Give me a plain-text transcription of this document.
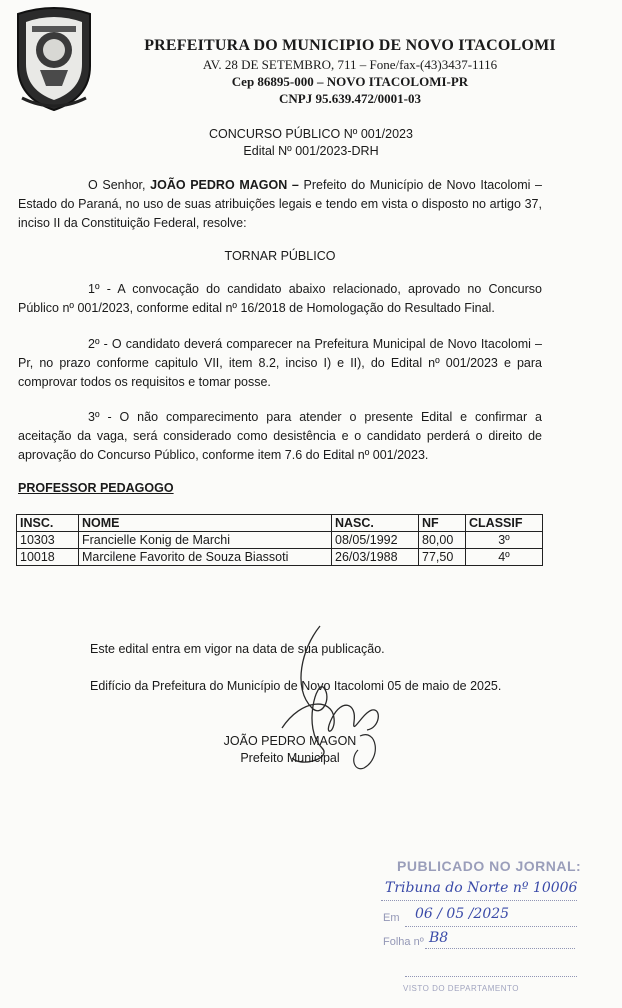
PREFEITURA DO MUNICIPIO DE NOVO ITACOLOMI
AV. 28 DE SETEMBRO, 711 – Fone/fax-(43)3437-1116
Cep 86895-000 – NOVO ITACOLOMI-PR
CNPJ 95.639.472/0001-03
CONCURSO PÚBLICO Nº 001/2023
Edital Nº 001/2023-DRH
O Senhor, JOÃO PEDRO MAGON – Prefeito do Município de Novo Itacolomi – Estado do Paraná, no uso de suas atribuições legais e tendo em vista o disposto no artigo 37, inciso II da Constituição Federal, resolve:
TORNAR PÚBLICO
1º - A convocação do candidato abaixo relacionado, aprovado no Concurso Público nº 001/2023, conforme edital nº 16/2018 de Homologação do Resultado Final.
2º - O candidato deverá comparecer na Prefeitura Municipal de Novo Itacolomi – Pr, no prazo conforme capitulo VII, item 8.2, inciso I) e II), do Edital nº 001/2023 e para comprovar todos os requisitos e tomar posse.
3º - O não comparecimento para atender o presente Edital e confirmar a aceitação da vaga, será considerado como desistência e o candidato perderá o direito de aprovação do Concurso Público, conforme item 7.6 do Edital nº 001/2023.
PROFESSOR PEDAGOGO
INSC.	NOME	NASC.	NF	CLASSIF
10303	Francielle Konig de Marchi	08/05/1992	80,00	3º
10018	Marcilene Favorito de Souza Biassoti	26/03/1988	77,50	4º
Este edital entra em vigor na data de sua publicação.
Edifício da Prefeitura do Município de Novo Itacolomi 05 de maio de 2025.
JOÃO PEDRO MAGON
Prefeito Municipal
PUBLICADO NO JORNAL:
Tribuna do Norte nº 10006
Em 06 / 05 /2025
Folha nº B8
VISTO DO DEPARTAMENTO
